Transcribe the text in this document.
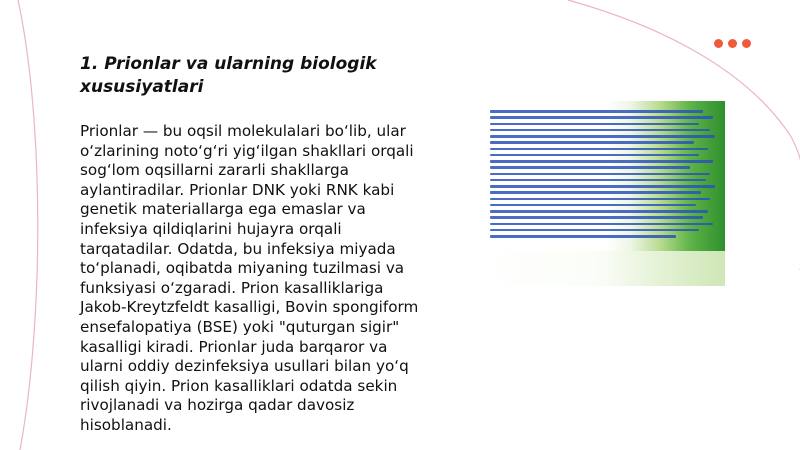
1. Prionlar va ularning biologik xususiyatlari
Prionlar — bu oqsil molekulalari bo‘lib, ular o‘zlarining noto‘g‘ri yig‘ilgan shakllari orqali sog‘lom oqsillarni zararli shakllarga aylantiradilar. Prionlar DNK yoki RNK kabi genetik materiallarga ega emaslar va infeksiya qildiqlarini hujayra orqali tarqatadilar. Odatda, bu infeksiya miyada to‘planadi, oqibatda miyaning tuzilmasi va funksiyasi o‘zgaradi. Prion kasalliklariga Jakob-Kreytzfeldt kasalligi, Bovin spongiform ensefalopatiya (BSE) yoki "quturgan sigir" kasalligi kiradi. Prionlar juda barqaror va ularni oddiy dezinfeksiya usullari bilan yo‘q qilish qiyin. Prion kasalliklari odatda sekin rivojlanadi va hozirga qadar davosiz hisoblanadi.
